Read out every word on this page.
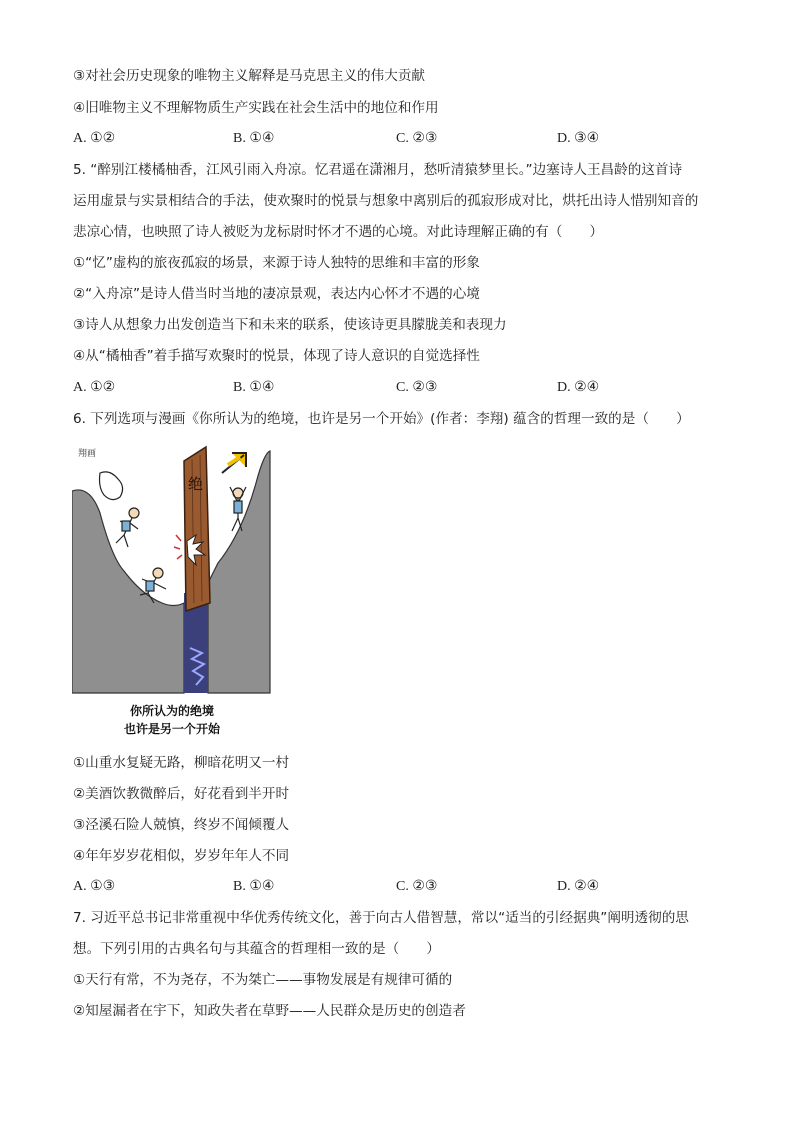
③对社会历史现象的唯物主义解释是马克思主义的伟大贡献
④旧唯物主义不理解物质生产实践在社会生活中的地位和作用
A. ①②	B. ①④	C. ②③	D. ③④
5. “醉别江楼橘柚香，江风引雨入舟凉。忆君遥在潇湘月，愁听清猿梦里长。”边塞诗人王昌龄的这首诗
运用虚景与实景相结合的手法，使欢聚时的悦景与想象中离别后的孤寂形成对比，烘托出诗人惜别知音的
悲凉心情，也映照了诗人被贬为龙标尉时怀才不遇的心境。对此诗理解正确的有（　　）
①“忆”虚构的旅夜孤寂的场景，来源于诗人独特的思维和丰富的形象
②“入舟凉”是诗人借当时当地的凄凉景观，表达内心怀才不遇的心境
③诗人从想象力出发创造当下和未来的联系，使该诗更具朦胧美和表现力
④从“橘柚香”着手描写欢聚时的悦景，体现了诗人意识的自觉选择性
A. ①②	B. ①④	C. ②③	D. ②④
6. 下列选项与漫画《你所认为的绝境，也许是另一个开始》(作者：李翔) 蕴含的哲理一致的是（　　）
绝
翔画
你所认为的绝境
也许是另一个开始
①山重水复疑无路，柳暗花明又一村
②美酒饮教微醉后，好花看到半开时
③泾溪石险人兢慎，终岁不闻倾覆人
④年年岁岁花相似，岁岁年年人不同
A. ①③	B. ①④	C. ②③	D. ②④
7. 习近平总书记非常重视中华优秀传统文化，善于向古人借智慧，常以“适当的引经据典”阐明透彻的思
想。下列引用的古典名句与其蕴含的哲理相一致的是（　　）
①天行有常，不为尧存，不为桀亡——事物发展是有规律可循的
②知屋漏者在宇下，知政失者在草野——人民群众是历史的创造者
